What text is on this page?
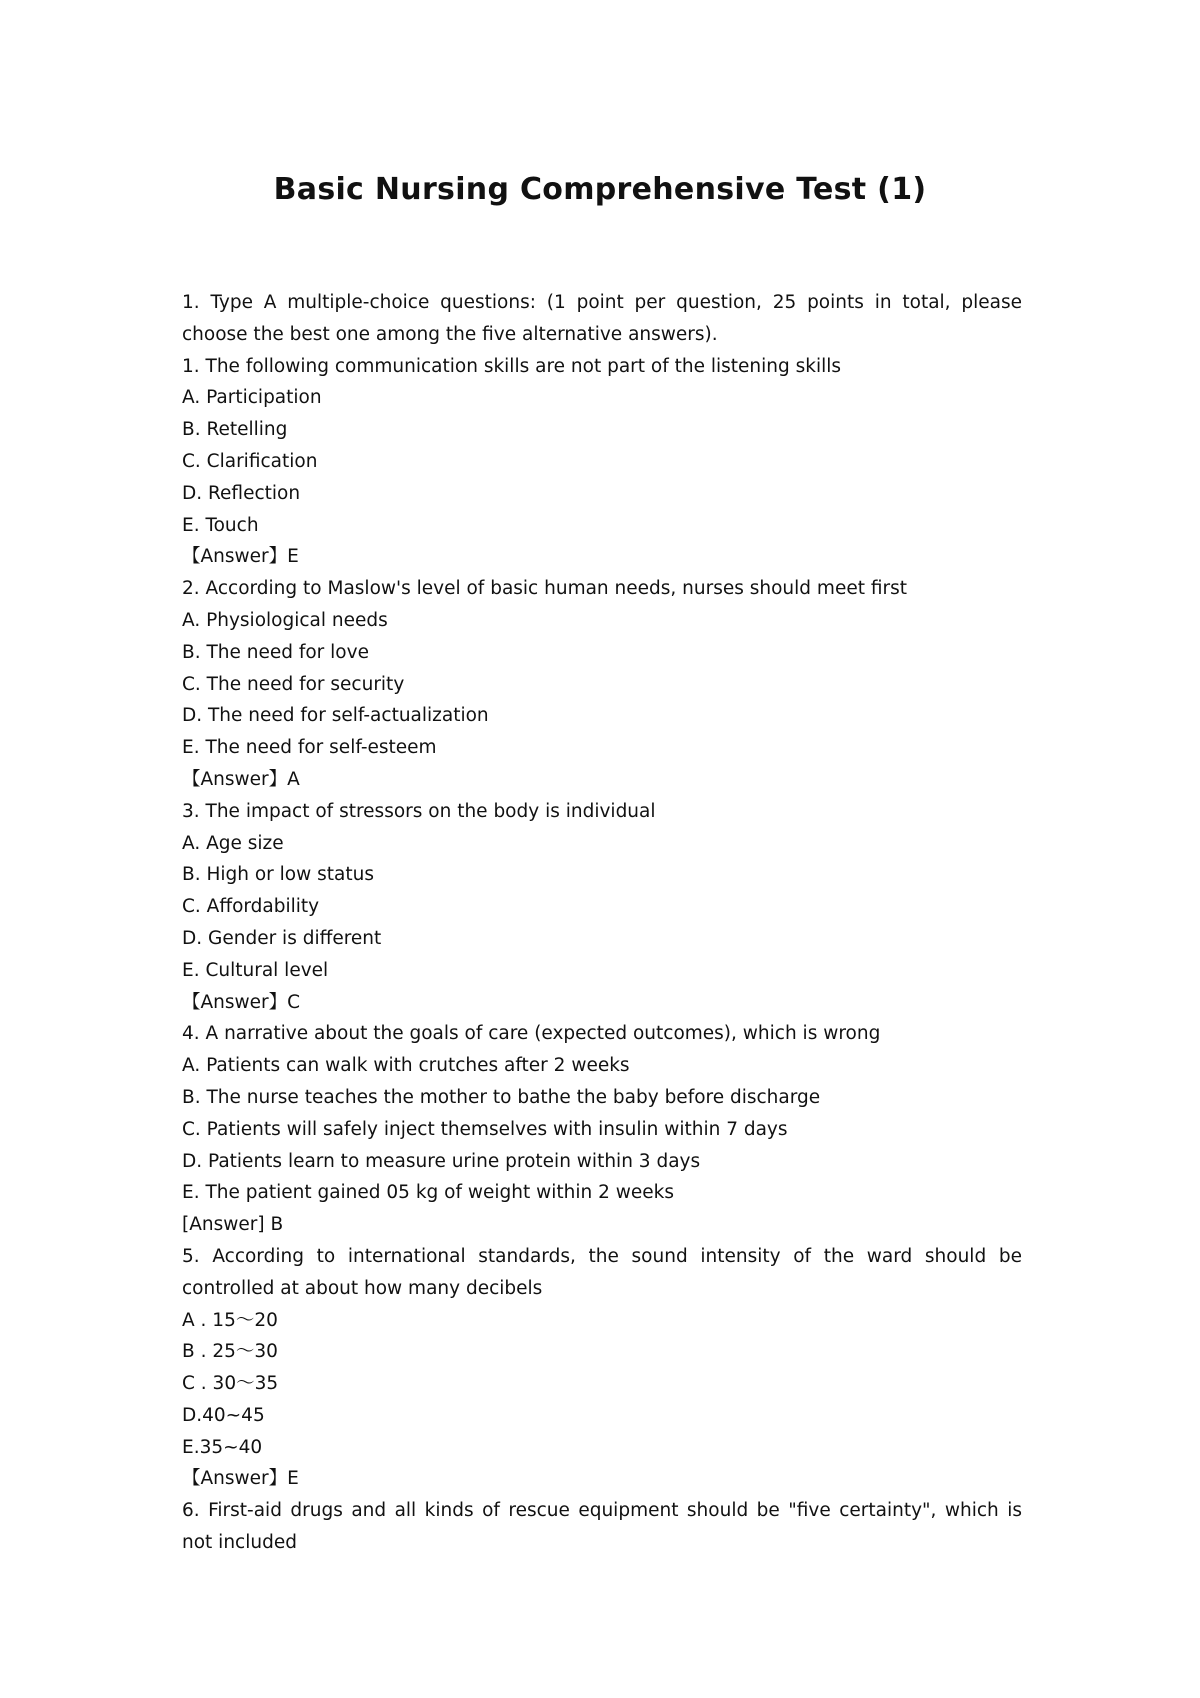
Basic Nursing Comprehensive Test (1)

1. Type A multiple-choice questions: (1 point per question, 25 points in total, please choose the best one among the five alternative answers).

1. The following communication skills are not part of the listening skills

A. Participation

B. Retelling

C. Clarification

D. Reflection

E. Touch

【Answer】E

2. According to Maslow's level of basic human needs, nurses should meet first

A. Physiological needs

B. The need for love

C. The need for security

D. The need for self-actualization

E. The need for self-esteem

【Answer】A

3. The impact of stressors on the body is individual

A. Age size

B. High or low status

C. Affordability

D. Gender is different

E. Cultural level

【Answer】C

4. A narrative about the goals of care (expected outcomes), which is wrong

A. Patients can walk with crutches after 2 weeks

B. The nurse teaches the mother to bathe the baby before discharge

C. Patients will safely inject themselves with insulin within 7 days

D. Patients learn to measure urine protein within 3 days

E. The patient gained 05 kg of weight within 2 weeks

[Answer] B

5. According to international standards, the sound intensity of the ward should be controlled at about how many decibels

A . 15～20

B . 25～30

C . 30～35

D.40~45

E.35~40

【Answer】E

6. First-aid drugs and all kinds of rescue equipment should be "five certainty", which is not included
